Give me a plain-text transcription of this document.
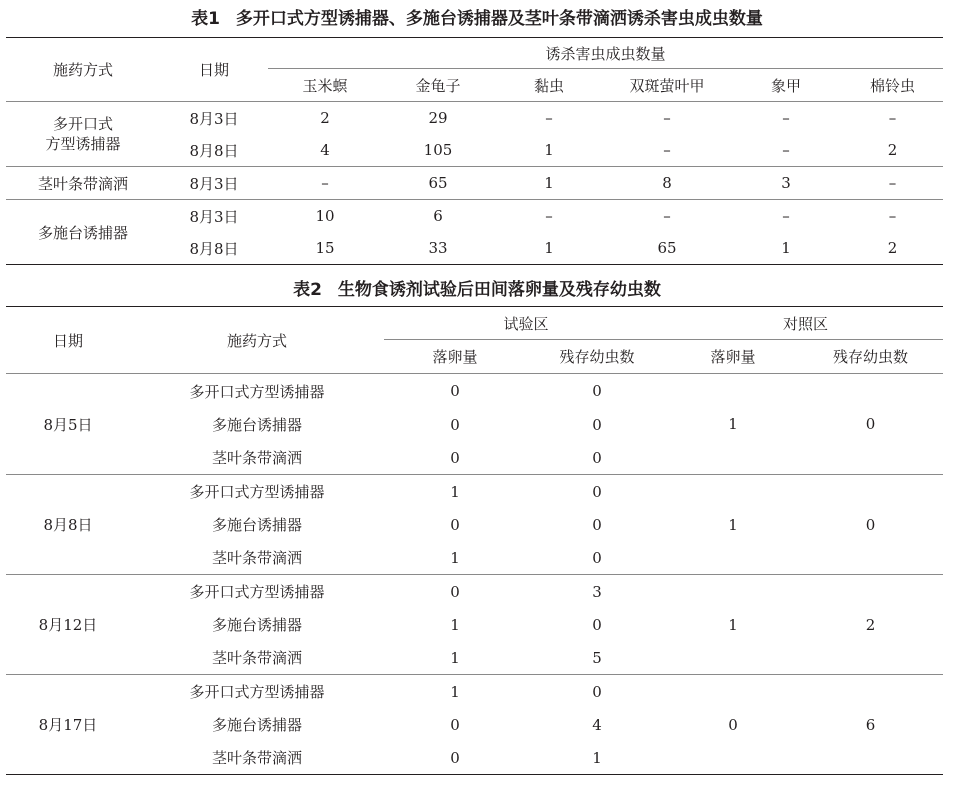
表1 多开口式方型诱捕器、多施台诱捕器及茎叶条带滴洒诱杀害虫成虫数量

施药方式	日期	诱杀害虫成虫数量					
		玉米螟	金龟子	黏虫	双斑萤叶甲	象甲	棉铃虫

多开口式
方型诱捕器	8月3日	2	29	–	–	–	–
	8月8日	4	105	1	–	–	2
茎叶条带滴洒	8月3日	–	65	1	8	3	–
多施台诱捕器	8月3日	10	6	–	–	–	–
	8月8日	15	33	1	65	1	2

表2 生物食诱剂试验后田间落卵量及残存幼虫数

日期	施药方式	试验区		对照区	
		落卵量	残存幼虫数	落卵量	残存幼虫数
8月5日	多开口式方型诱捕器	0	0	1	0
	多施台诱捕器	0	0		
	茎叶条带滴洒	0	0		
8月8日	多开口式方型诱捕器	1	0	1	0
	多施台诱捕器	0	0		
	茎叶条带滴洒	1	0		
8月12日	多开口式方型诱捕器	0	3	1	2
	多施台诱捕器	1	0		
	茎叶条带滴洒	1	5		
8月17日	多开口式方型诱捕器	1	0	0	6
	多施台诱捕器	0	4		
	茎叶条带滴洒	0	1		
